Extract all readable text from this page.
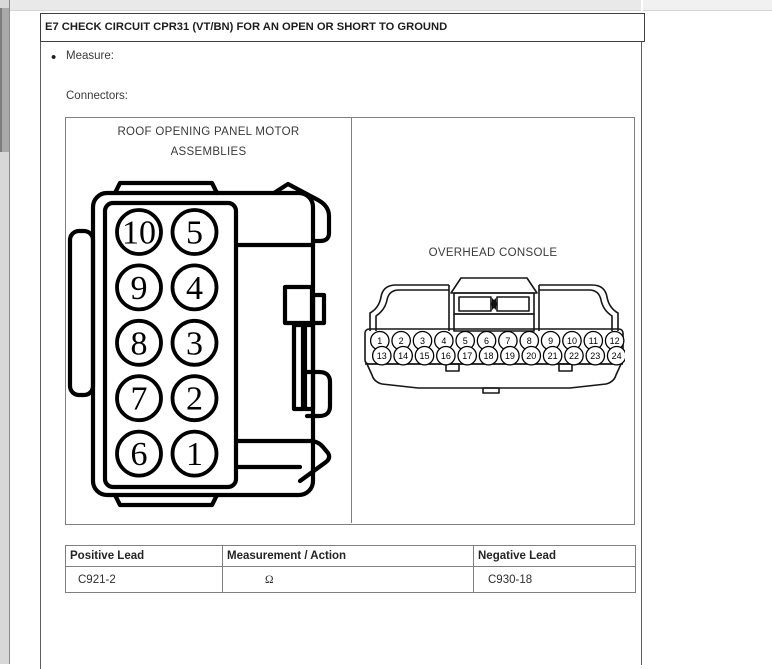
E7 CHECK CIRCUIT CPR31 (VT/BN) FOR AN OPEN OR SHORT TO GROUND
• Measure:
Connectors:
ROOF OPENING PANEL MOTOR
ASSEMBLIES
OVERHEAD CONSOLE
10 5
9 4
8 3
7 2
6 1
1 2 3 4 5 6 7 8 9 10 11 12
13 14 15 16 17 18 19 20 21 22 23 24
Positive Lead	Measurement / Action	Negative Lead
C921-2	Ω	C930-18
